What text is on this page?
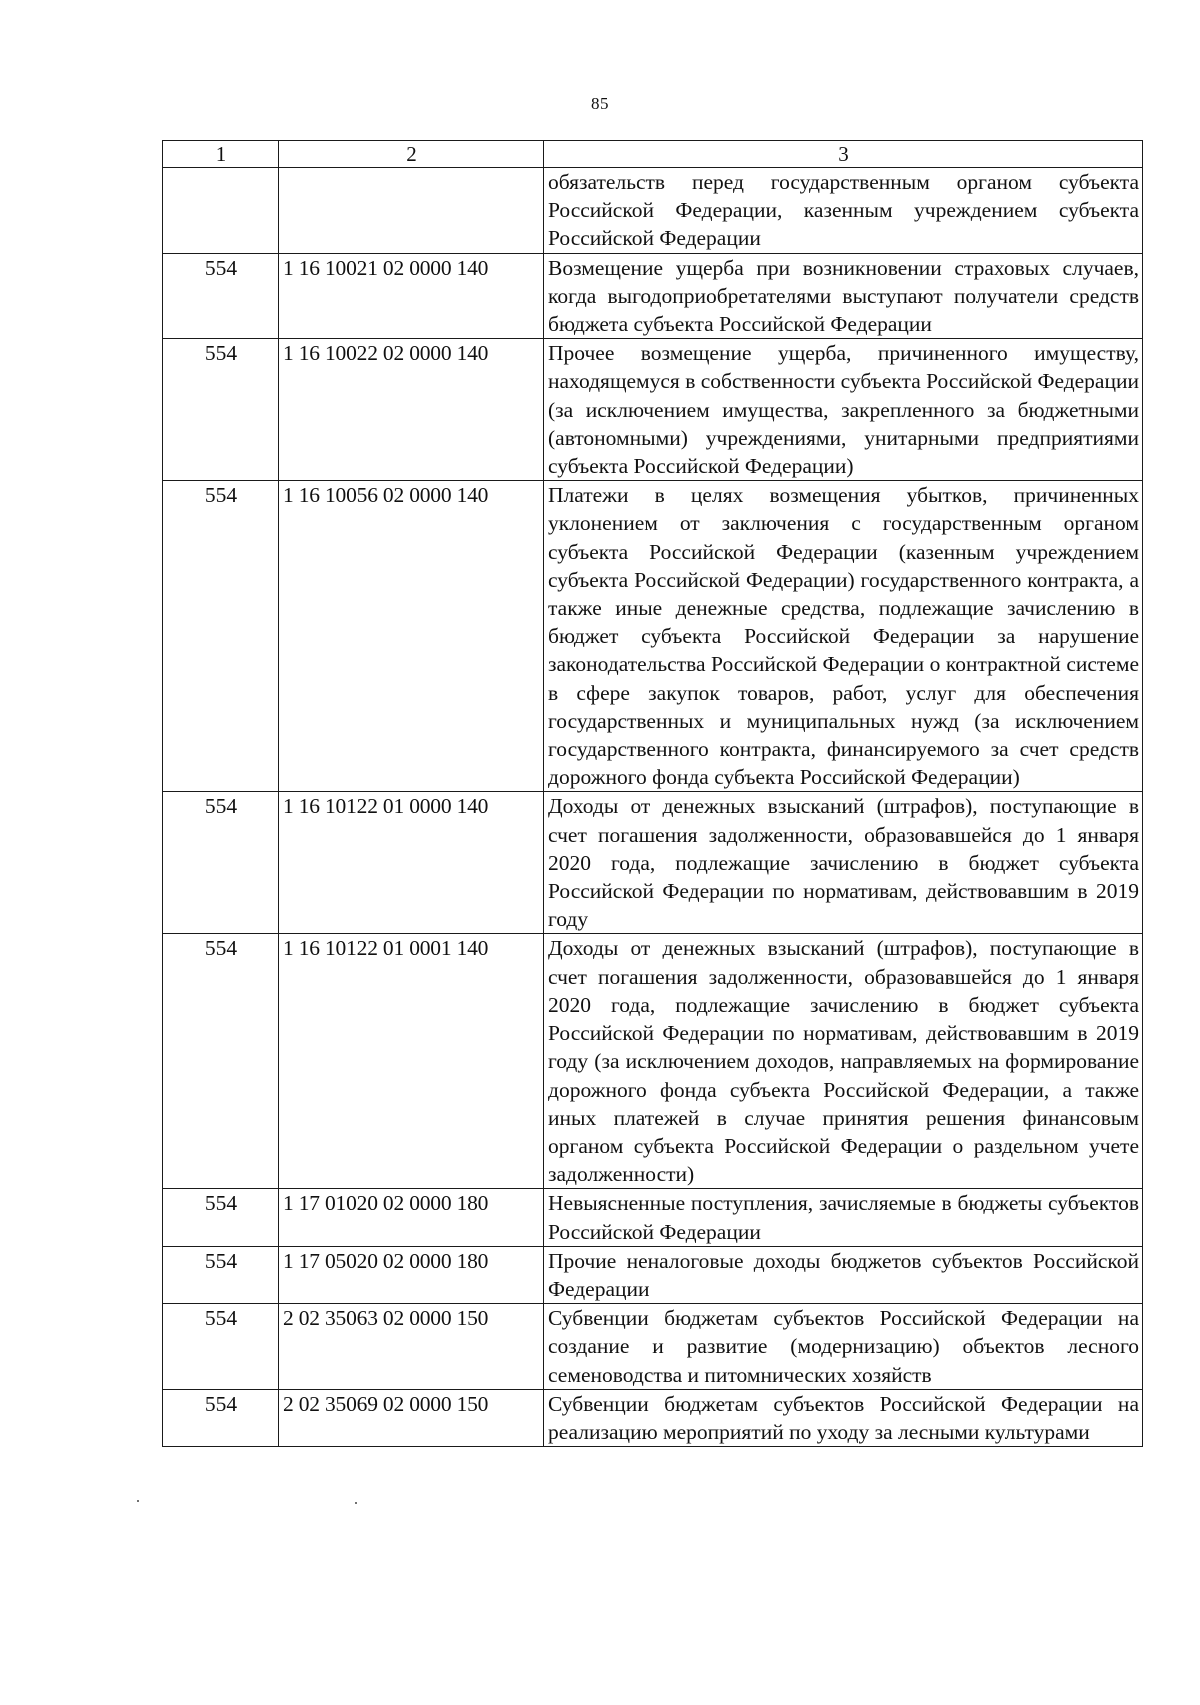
85
1	2	3
		обязательств перед государственным органом субъекта Российской Федерации, казенным учреждением субъекта Российской Федерации
554	1 16 10021 02 0000 140	Возмещение ущерба при возникновении страховых случаев, когда выгодоприобретателями выступают получатели средств бюджета субъекта Российской Федерации
554	1 16 10022 02 0000 140	Прочее возмещение ущерба, причиненного имуществу, находящемуся в собственности субъекта Российской Федерации (за исключением имущества, закрепленного за бюджетными (автономными) учреждениями, унитарными предприятиями субъекта Российской Федерации)
554	1 16 10056 02 0000 140	Платежи в целях возмещения убытков, причиненных уклонением от заключения с государственным органом субъекта Российской Федерации (казенным учреждением субъекта Российской Федерации) государственного контракта, а также иные денежные средства, подлежащие зачислению в бюджет субъекта Российской Федерации за нарушение законодательства Российской Федерации о контрактной системе в сфере закупок товаров, работ, услуг для обеспечения государственных и муниципальных нужд (за исключением государственного контракта, финансируемого за счет средств дорожного фонда субъекта Российской Федерации)
554	1 16 10122 01 0000 140	Доходы от денежных взысканий (штрафов), поступающие в счет погашения задолженности, образовавшейся до 1 января 2020 года, подлежащие зачислению в бюджет субъекта Российской Федерации по нормативам, действовавшим в 2019 году
554	1 16 10122 01 0001 140	Доходы от денежных взысканий (штрафов), поступающие в счет погашения задолженности, образовавшейся до 1 января 2020 года, подлежащие зачислению в бюджет субъекта Российской Федерации по нормативам, действовавшим в 2019 году (за исключением доходов, направляемых на формирование дорожного фонда субъекта Российской Федерации, а также иных платежей в случае принятия решения финансовым органом субъекта Российской Федерации о раздельном учете задолженности)
554	1 17 01020 02 0000 180	Невыясненные поступления, зачисляемые в бюджеты субъектов Российской Федерации
554	1 17 05020 02 0000 180	Прочие неналоговые доходы бюджетов субъектов Российской Федерации
554	2 02 35063 02 0000 150	Субвенции бюджетам субъектов Российской Федерации на создание и развитие (модернизацию) объектов лесного семеноводства и питомнических хозяйств
554	2 02 35069 02 0000 150	Субвенции бюджетам субъектов Российской Федерации на реализацию мероприятий по уходу за лесными культурами
